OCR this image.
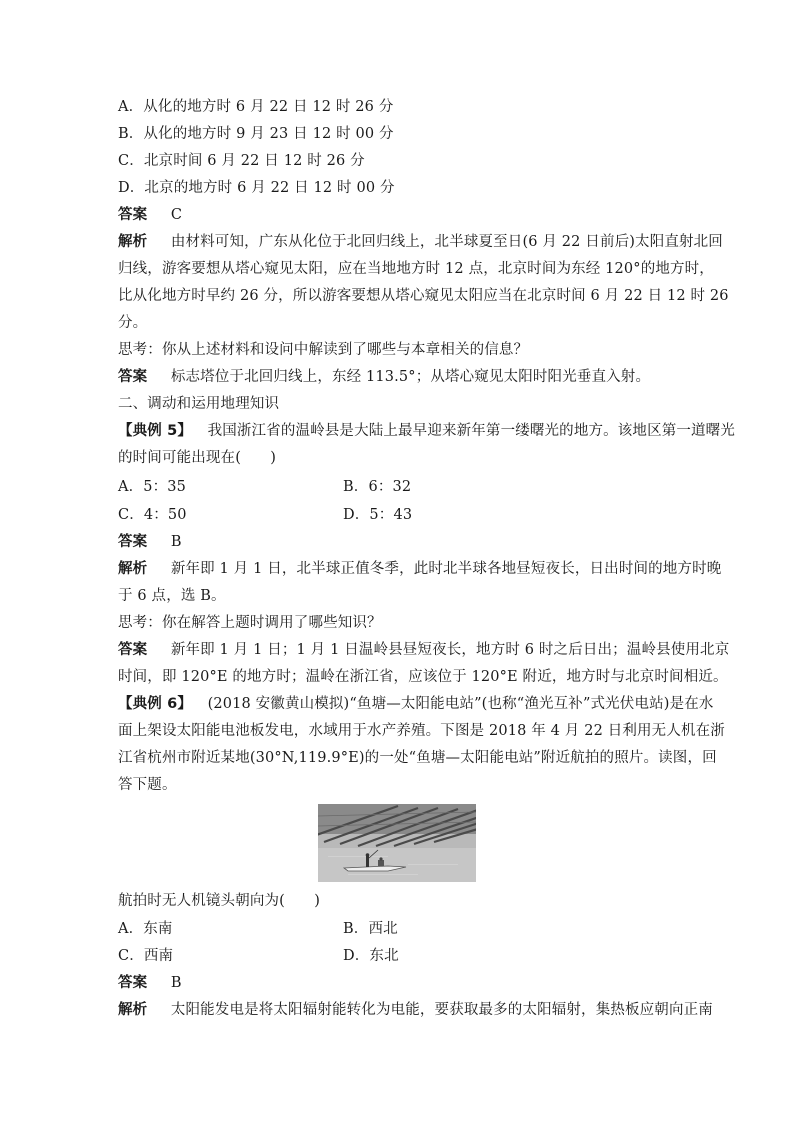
A．从化的地方时 6 月 22 日 12 时 26 分
B．从化的地方时 9 月 23 日 12 时 00 分
C．北京时间 6 月 22 日 12 时 26 分
D．北京的地方时 6 月 22 日 12 时 00 分
答案 C
解析 由材料可知，广东从化位于北回归线上，北半球夏至日(6 月 22 日前后)太阳直射北回
归线，游客要想从塔心窥见太阳，应在当地地方时 12 点，北京时间为东经 120°的地方时，
比从化地方时早约 26 分，所以游客要想从塔心窥见太阳应当在北京时间 6 月 22 日 12 时 26
分。
思考：你从上述材料和设问中解读到了哪些与本章相关的信息？
答案 标志塔位于北回归线上，东经 113.5°；从塔心窥见太阳时阳光垂直入射。
二、调动和运用地理知识
【典例 5】 我国浙江省的温岭县是大陆上最早迎来新年第一缕曙光的地方。该地区第一道曙光
的时间可能出现在(　　)
A．5：35	B．6：32
C．4：50	D．5：43
答案 B
解析 新年即 1 月 1 日，北半球正值冬季，此时北半球各地昼短夜长，日出时间的地方时晚
于 6 点，选 B。
思考：你在解答上题时调用了哪些知识？
答案 新年即 1 月 1 日；1 月 1 日温岭县昼短夜长，地方时 6 时之后日出；温岭县使用北京
时间，即 120°E 的地方时；温岭在浙江省，应该位于 120°E 附近，地方时与北京时间相近。
【典例 6】 (2018 安徽黄山模拟)“鱼塘—太阳能电站”(也称“渔光互补”式光伏电站)是在水
面上架设太阳能电池板发电，水域用于水产养殖。下图是 2018 年 4 月 22 日利用无人机在浙
江省杭州市附近某地(30°N,119.9°E)的一处“鱼塘—太阳能电站”附近航拍的照片。读图，回
答下题。
航拍时无人机镜头朝向为(　　)
A．东南	B．西北
C．西南	D．东北
答案 B
解析 太阳能发电是将太阳辐射能转化为电能，要获取最多的太阳辐射，集热板应朝向正南
